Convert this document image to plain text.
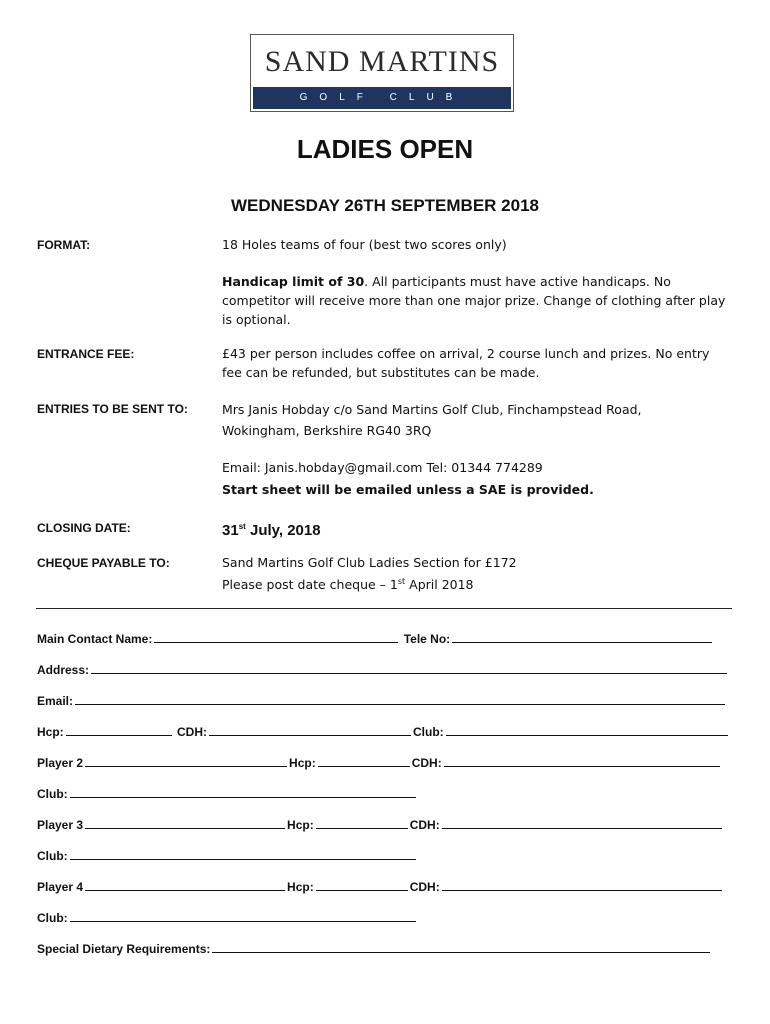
SAND MARTINS
GOLF CLUB
LADIES OPEN
WEDNESDAY 26TH SEPTEMBER 2018
FORMAT:	18 Holes teams of four (best two scores only)
Handicap limit of 30. All participants must have active handicaps. No competitor will receive more than one major prize. Change of clothing after play is optional.
ENTRANCE FEE:	£43 per person includes coffee on arrival, 2 course lunch and prizes. No entry fee can be refunded, but substitutes can be made.
ENTRIES TO BE SENT TO:	Mrs Janis Hobday c/o Sand Martins Golf Club, Finchampstead Road,
Wokingham, Berkshire RG40 3RQ
Email: Janis.hobday@gmail.com Tel: 01344 774289
Start sheet will be emailed unless a SAE is provided.
CLOSING DATE:	31st July, 2018
CHEQUE PAYABLE TO:	Sand Martins Golf Club Ladies Section for £172
Please post date cheque – 1st April 2018
Main Contact Name:	Tele No:
Address:
Email:
Hcp:	CDH:	Club:
Player 2	Hcp:	CDH:
Club:
Player 3	Hcp:	CDH:
Club:
Player 4	Hcp:	CDH:
Club:
Special Dietary Requirements:
